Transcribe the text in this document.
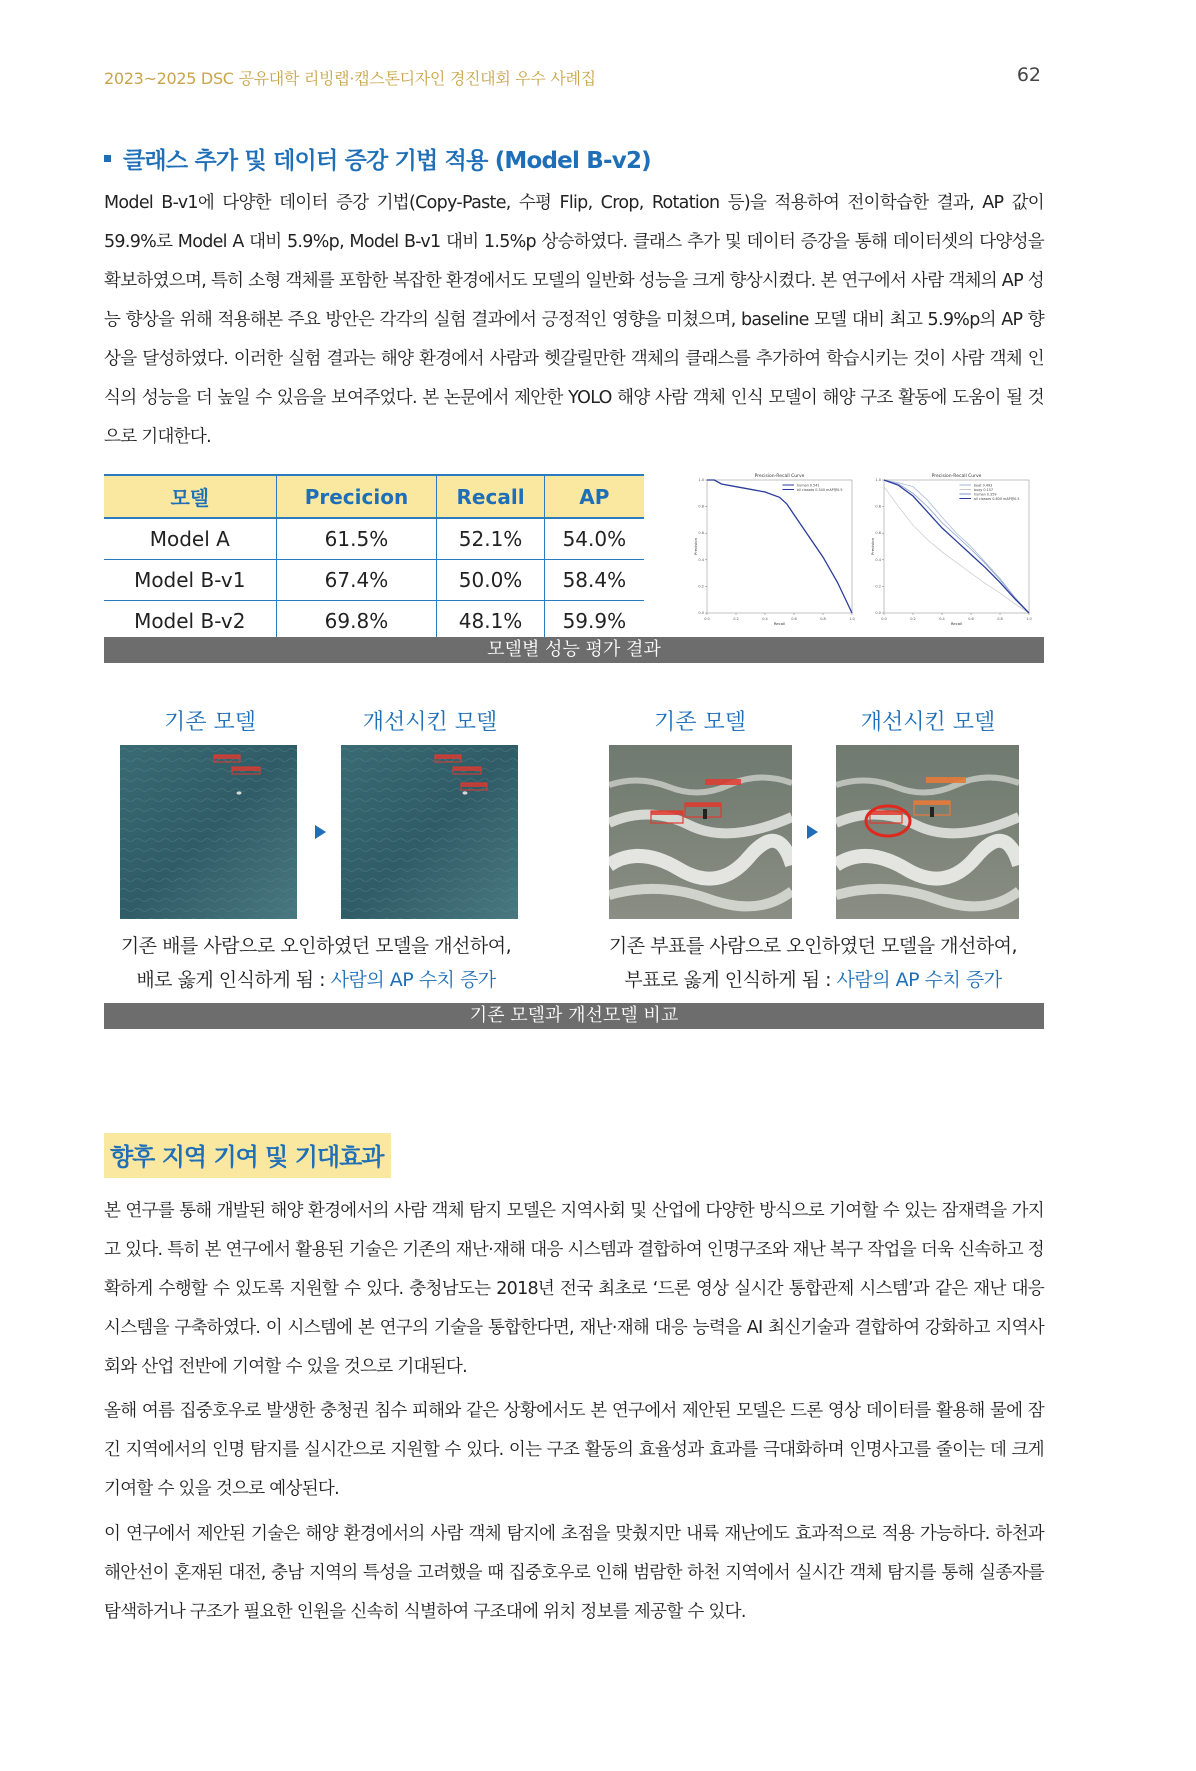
2023~2025 DSC 공유대학 리빙랩·캡스톤디자인 경진대회 우수 사례집	62
클래스 추가 및 데이터 증강 기법 적용 (Model B-v2)
Model B-v1에 다양한 데이터 증강 기법(Copy-Paste, 수평 Flip, Crop, Rotation 등)을 적용하여 전이학습한 결과, AP 값이 59.9%로 Model A 대비 5.9%p, Model B-v1 대비 1.5%p 상승하였다. 클래스 추가 및 데이터 증강을 통해 데이터셋의 다양성을 확보하였으며, 특히 소형 객체를 포함한 복잡한 환경에서도 모델의 일반화 성능을 크게 향상시켰다. 본 연구에서 사람 객체의 AP 성능 향상을 위해 적용해본 주요 방안은 각각의 실험 결과에서 긍정적인 영향을 미쳤으며, baseline 모델 대비 최고 5.9%p의 AP 향상을 달성하였다. 이러한 실험 결과는 해양 환경에서 사람과 헷갈릴만한 객체의 클래스를 추가하여 학습시키는 것이 사람 객체 인식의 성능을 더 높일 수 있음을 보여주었다. 본 논문에서 제안한 YOLO 해양 사람 객체 인식 모델이 해양 구조 활동에 도움이 될 것으로 기대한다.
모델	Precicion	Recall	AP
Model A	61.5%	52.1%	54.0%
Model B-v1	67.4%	50.0%	58.4%
Model B-v2	69.8%	48.1%	59.9%	0.0
0.0
0.2
0.2
0.4
0.4
0.6
0.6
0.8
0.8
1.0
1.0
Precision-Recall Curve
Recall
Precision
human 0.541
all classes 0.540 mAP@0.5
0.0
0.0
0.2
0.2
0.4
0.4
0.6
0.6
0.8
0.8
1.0
1.0
Precision-Recall Curve
Recall
Precision
boat 0.493
buoy 0.157
human 0.359
all classes 0.600 mAP@0.5
모델별 성능 평가 결과
기존 모델	개선시킨 모델	기존 모델	개선시킨 모델
기존 배를 사람으로 오인하였던 모델을 개선하여,
배로 옳게 인식하게 됨 : 사람의 AP 수치 증가
기존 부표를 사람으로 오인하였던 모델을 개선하여,
부표로 옳게 인식하게 됨 : 사람의 AP 수치 증가
기존 모델과 개선모델 비교
향후 지역 기여 및 기대효과
본 연구를 통해 개발된 해양 환경에서의 사람 객체 탐지 모델은 지역사회 및 산업에 다양한 방식으로 기여할 수 있는 잠재력을 가지고 있다. 특히 본 연구에서 활용된 기술은 기존의 재난·재해 대응 시스템과 결합하여 인명구조와 재난 복구 작업을 더욱 신속하고 정확하게 수행할 수 있도록 지원할 수 있다. 충청남도는 2018년 전국 최초로 ‘드론 영상 실시간 통합관제 시스템’과 같은 재난 대응 시스템을 구축하였다. 이 시스템에 본 연구의 기술을 통합한다면, 재난·재해 대응 능력을 AI 최신기술과 결합하여 강화하고 지역사회와 산업 전반에 기여할 수 있을 것으로 기대된다.
올해 여름 집중호우로 발생한 충청권 침수 피해와 같은 상황에서도 본 연구에서 제안된 모델은 드론 영상 데이터를 활용해 물에 잠긴 지역에서의 인명 탐지를 실시간으로 지원할 수 있다. 이는 구조 활동의 효율성과 효과를 극대화하며 인명사고를 줄이는 데 크게 기여할 수 있을 것으로 예상된다.
이 연구에서 제안된 기술은 해양 환경에서의 사람 객체 탐지에 초점을 맞췄지만 내륙 재난에도 효과적으로 적용 가능하다. 하천과 해안선이 혼재된 대전, 충남 지역의 특성을 고려했을 때 집중호우로 인해 범람한 하천 지역에서 실시간 객체 탐지를 통해 실종자를 탐색하거나 구조가 필요한 인원을 신속히 식별하여 구조대에 위치 정보를 제공할 수 있다.
